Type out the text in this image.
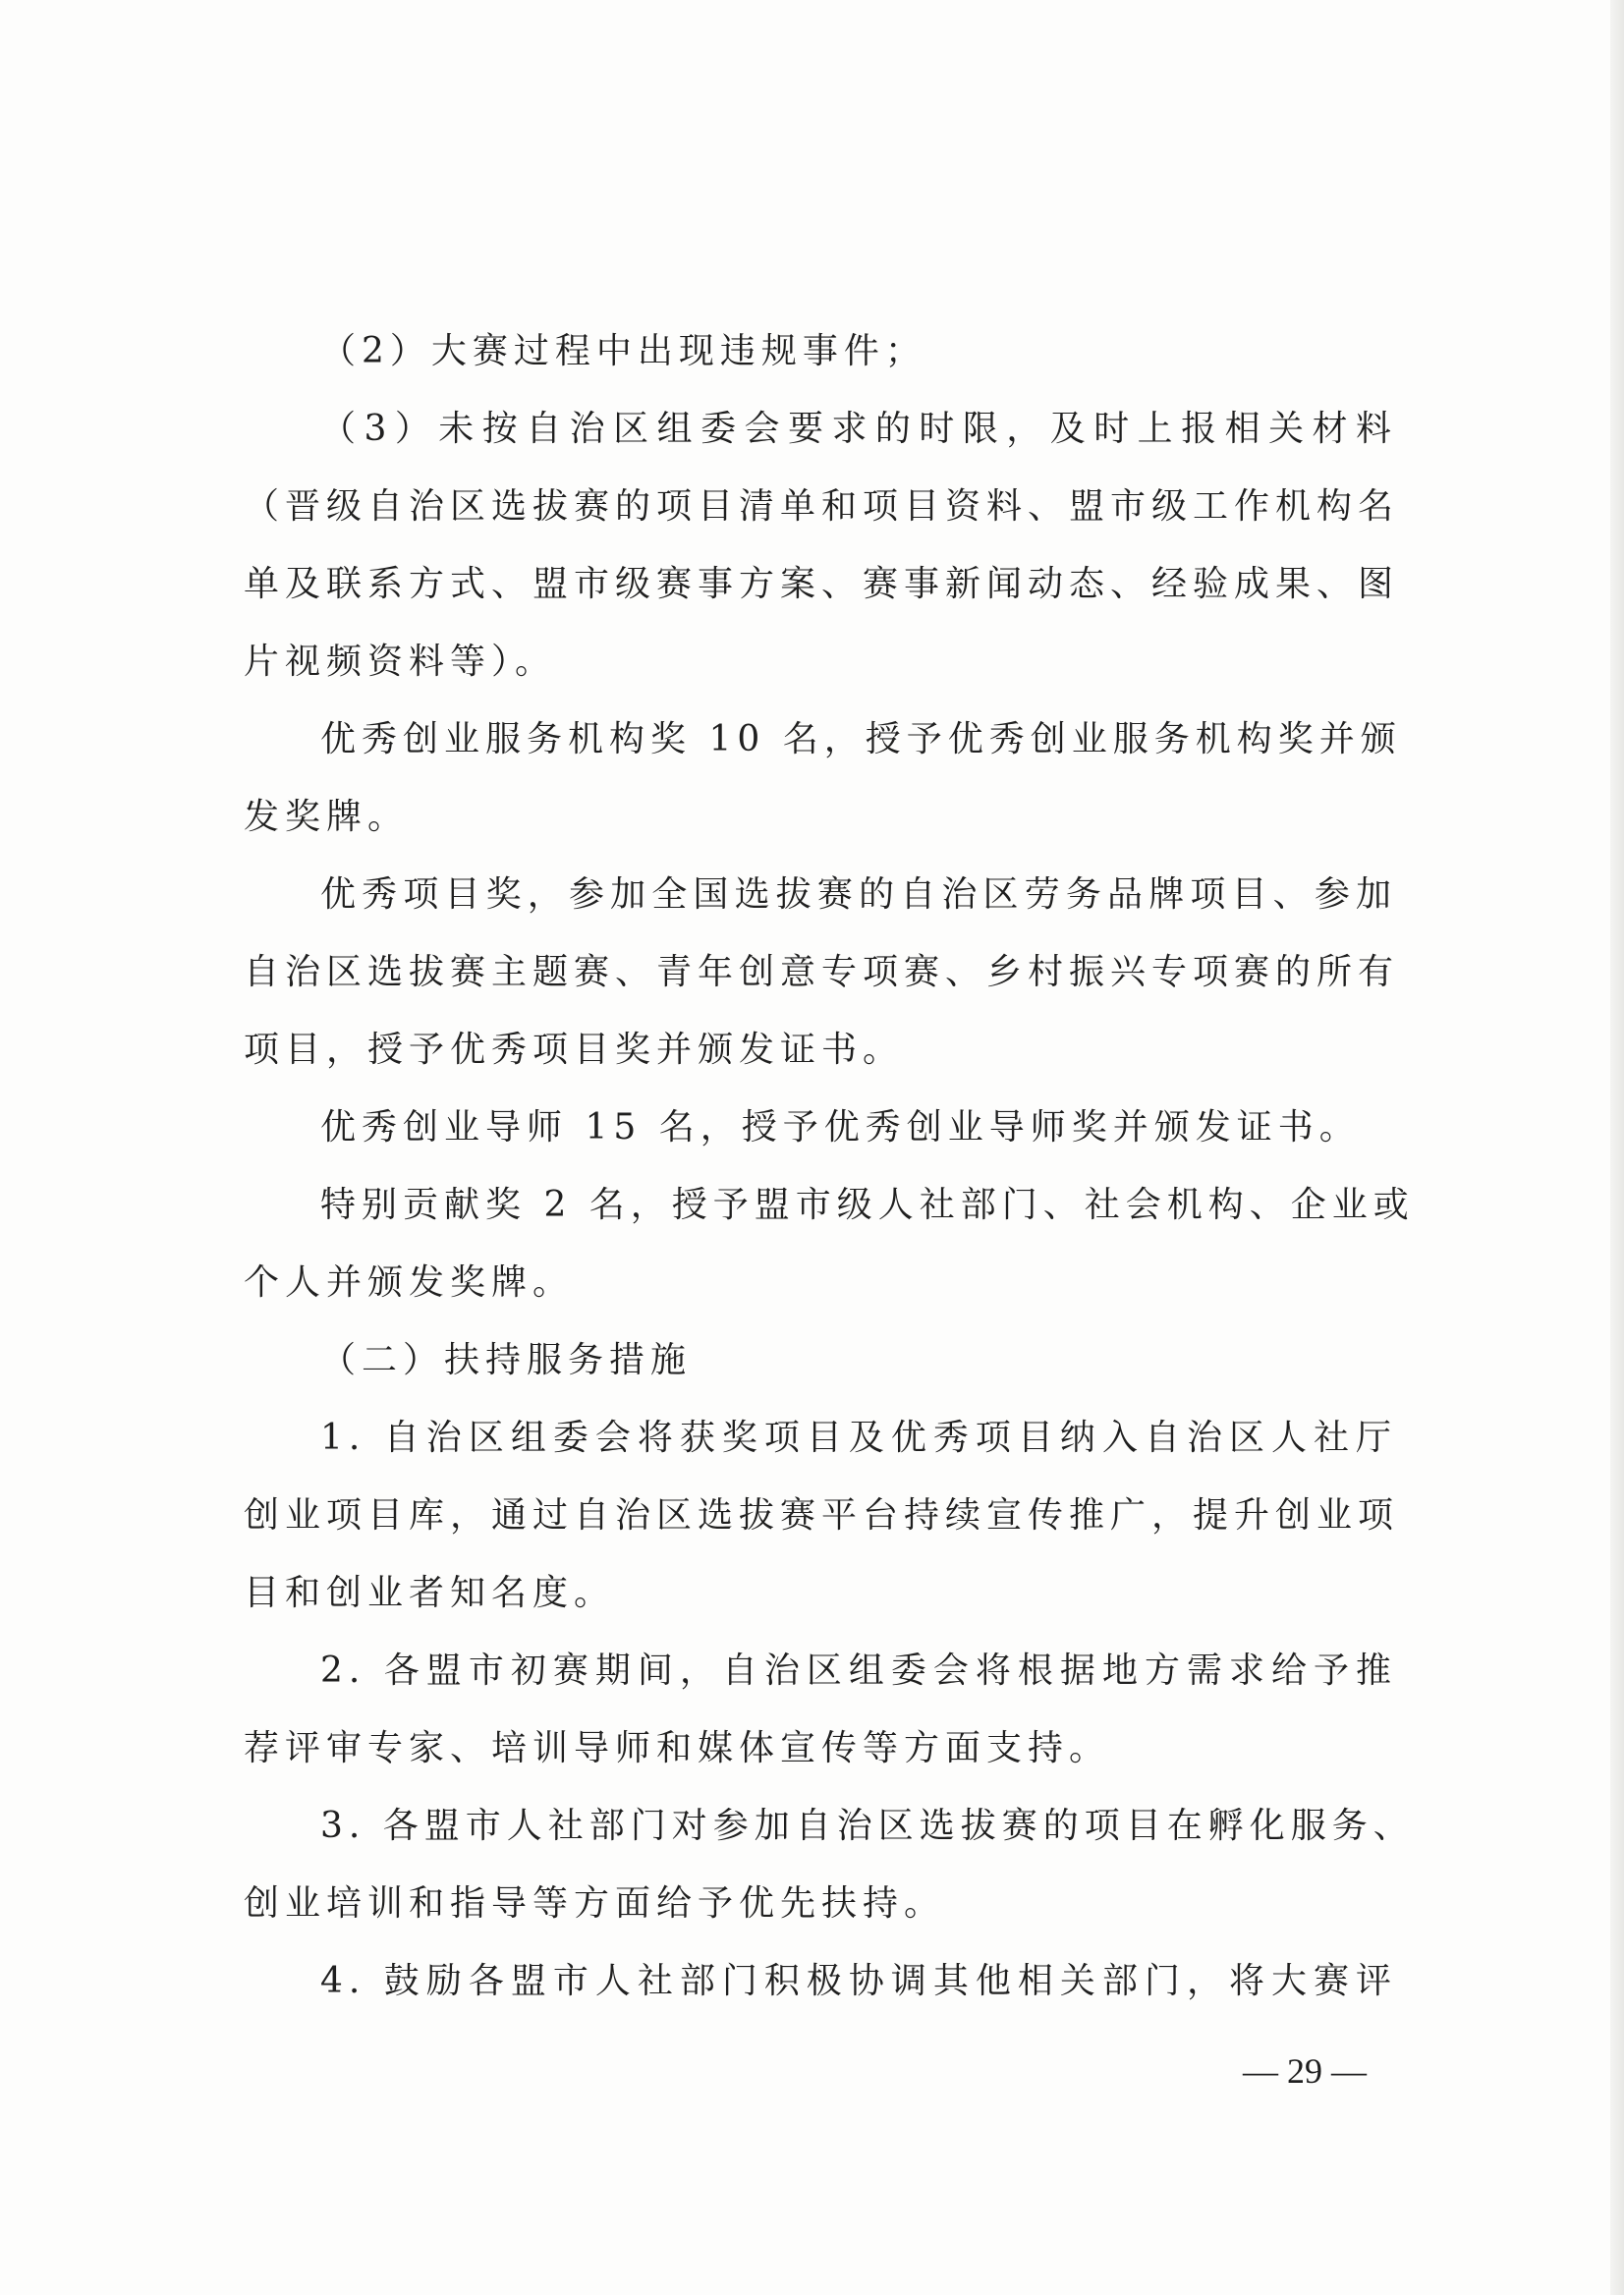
（2）大赛过程中出现违规事件；
（3）未按自治区组委会要求的时限，及时上报相关材料
（晋级自治区选拔赛的项目清单和项目资料、盟市级工作机构名
单及联系方式、盟市级赛事方案、赛事新闻动态、经验成果、图
片视频资料等）。
优秀创业服务机构奖 10 名，授予优秀创业服务机构奖并颁
发奖牌。
优秀项目奖，参加全国选拔赛的自治区劳务品牌项目、参加
自治区选拔赛主题赛、青年创意专项赛、乡村振兴专项赛的所有
项目，授予优秀项目奖并颁发证书。
优秀创业导师 15 名，授予优秀创业导师奖并颁发证书。
特别贡献奖 2 名，授予盟市级人社部门、社会机构、企业或
个人并颁发奖牌。
（二）扶持服务措施
1. 自治区组委会将获奖项目及优秀项目纳入自治区人社厅
创业项目库，通过自治区选拔赛平台持续宣传推广，提升创业项
目和创业者知名度。
2. 各盟市初赛期间，自治区组委会将根据地方需求给予推
荐评审专家、培训导师和媒体宣传等方面支持。
3. 各盟市人社部门对参加自治区选拔赛的项目在孵化服务、
创业培训和指导等方面给予优先扶持。
4. 鼓励各盟市人社部门积极协调其他相关部门，将大赛评
— 29 —
